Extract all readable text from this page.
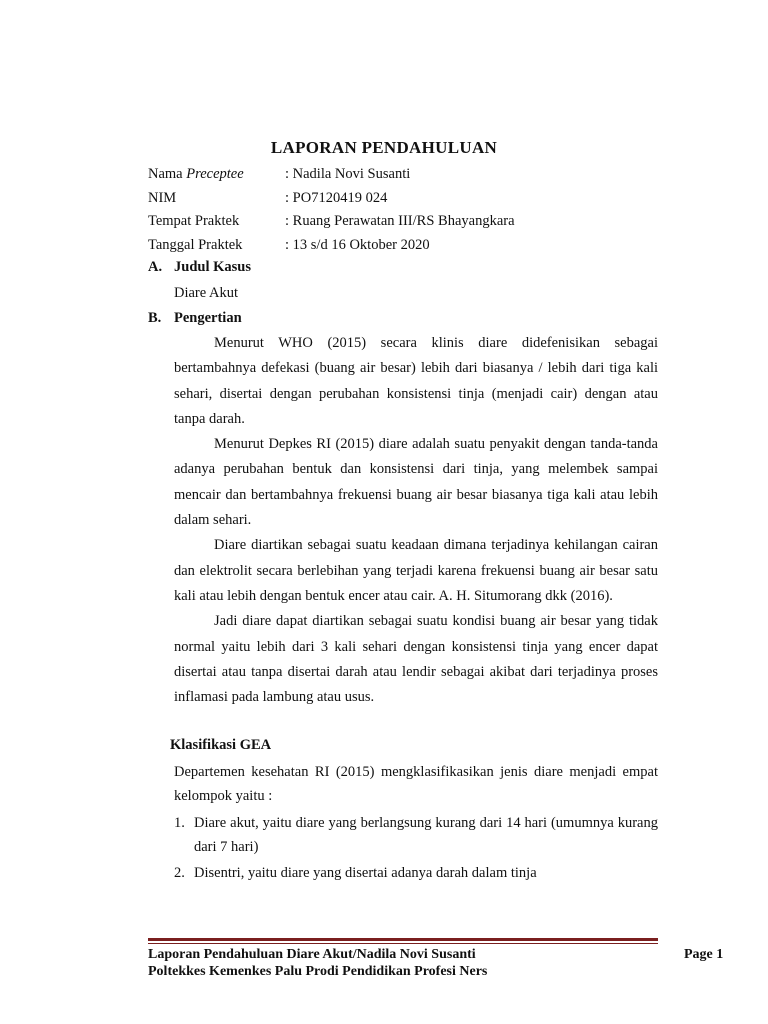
LAPORAN PENDAHULUAN
Nama Preceptee	: Nadila Novi Susanti
NIM	: PO7120419 024
Tempat Praktek	: Ruang Perawatan III/RS Bhayangkara
Tanggal Praktek	: 13 s/d 16 Oktober 2020
A. Judul Kasus
Diare Akut
B. Pengertian

Menurut WHO (2015) secara klinis diare didefenisikan sebagai bertambahnya defekasi (buang air besar) lebih dari biasanya / lebih dari tiga kali sehari, disertai dengan perubahan konsistensi tinja (menjadi cair) dengan atau tanpa darah.

Menurut Depkes RI (2015) diare adalah suatu penyakit dengan tanda-tanda adanya perubahan bentuk dan konsistensi dari tinja, yang melembek sampai mencair dan bertambahnya frekuensi buang air besar biasanya tiga kali atau lebih dalam sehari.

Diare diartikan sebagai suatu keadaan dimana terjadinya kehilangan cairan dan elektrolit secara berlebihan yang terjadi karena frekuensi buang air besar satu kali atau lebih dengan bentuk encer atau cair. A. H. Situmorang dkk (2016).

Jadi diare dapat diartikan sebagai suatu kondisi buang air besar yang tidak normal yaitu lebih dari 3 kali sehari dengan konsistensi tinja yang encer dapat disertai atau tanpa disertai darah atau lendir sebagai akibat dari terjadinya proses inflamasi pada lambung atau usus.

Klasifikasi GEA

Departemen kesehatan RI (2015) mengklasifikasikan jenis diare menjadi empat kelompok yaitu :

1. Diare akut, yaitu diare yang berlangsung kurang dari 14 hari (umumnya kurang dari 7 hari)
2. Disentri, yaitu diare yang disertai adanya darah dalam tinja
Laporan Pendahuluan Diare Akut/Nadila Novi Susanti
Poltekkes Kemenkes Palu Prodi Pendidikan Profesi Ners
Page 1
